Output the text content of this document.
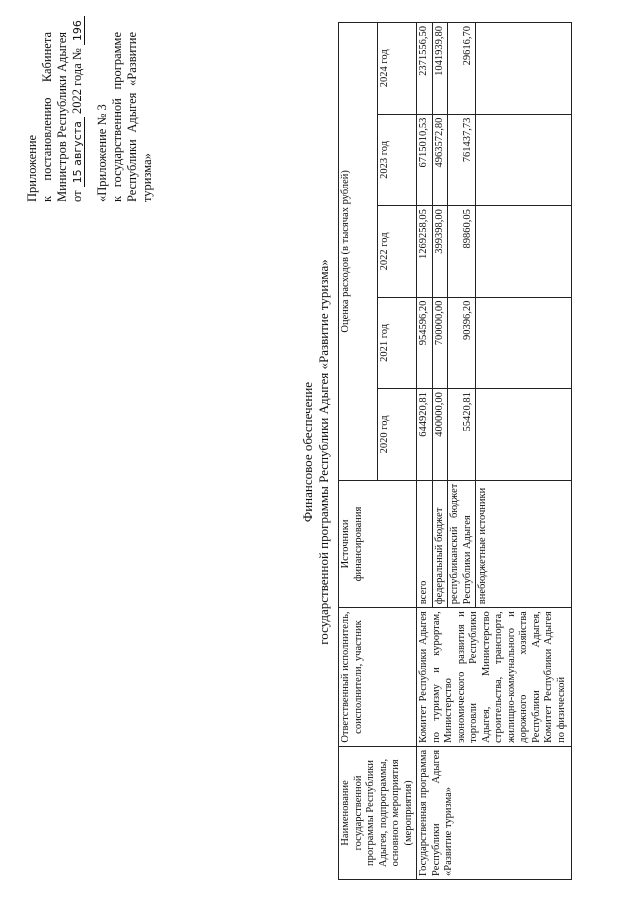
Приложение к постановлению Кабинета Министров Республики Адыгея от 15 августа 2022 года № 196
«Приложение № 3 к государственной программе Республики Адыгея «Развитие туризма»
Финансовое обеспечение государственной программы Республики Адыгея «Развитие туризма»
Наименование государственной программы Республики Адыгея, подпрограммы, основного мероприятия (мероприятия)	Ответственный исполнитель, соисполнители, участник	Источники финансирования	Оценка расходов (в тысячах рублей)				
			2020 год	2021 год	2022 год	2023 год	2024 год
Государственная программа Республики Адыгея «Развитие туризма»	Комитет Республики Адыгея по туризму и курортам, Министерство экономического развития и торговли Республики Адыгея, Министерство строительства, транспорта, жилищно-коммунального и дорожного хозяйства Республики Адыгея, Комитет Республики Адыгея по физической	всего	644920,81	954596,20	1269258,05	6715010,53	2371556,50
		федеральный бюджет	400000,00	700000,00	399398,00	4963572,80	1041939,80
		республиканский бюджет Республики Адыгея	55420,81	90396,20	89860,05	761437,73	29616,70
		внебюджетные источники					
